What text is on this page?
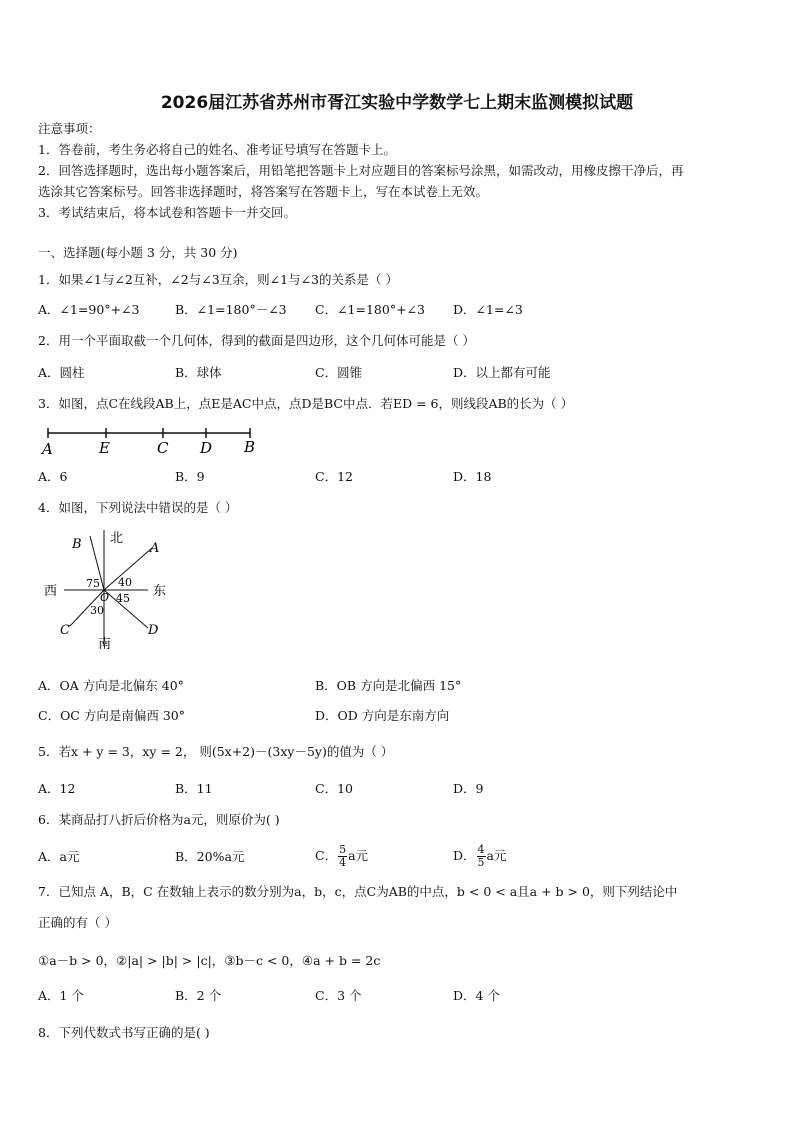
2026届江苏省苏州市胥江实验中学数学七上期末监测模拟试题
注意事项：
1．答卷前，考生务必将自己的姓名、准考证号填写在答题卡上。
2．回答选择题时，选出每小题答案后，用铅笔把答题卡上对应题目的答案标号涂黑，如需改动，用橡皮擦干净后，再
选涂其它答案标号。回答非选择题时，将答案写在答题卡上，写在本试卷上无效。
3．考试结束后，将本试卷和答题卡一并交回。
一、选择题(每小题 3 分，共 30 分)
1．如果∠1与∠2互补，∠2与∠3互余，则∠1与∠3的关系是（ ）
A．∠1=90°+∠3	B．∠1=180°－∠3 C．∠1=180°+∠3 D．∠1=∠3
2．用一个平面取截一个几何体，得到的截面是四边形，这个几何体可能是（ ）
A．圆柱	B．球体	C．圆锥	D．以上都有可能
3．如图，点C在线段AB上，点E是AC中点，点D是BC中点．若ED = 6，则线段AB的长为（ ）
A	E	C D B
A．6	B．9	C．12	D．18
4．如图，下列说法中错误的是（ ）
北
南
西	东
A
B
C	D
O
75 40
45
30
A．OA 方向是北偏东 40°	B．OB 方向是北偏西 15°
C．OC 方向是南偏西 30°	D．OD 方向是东南方向
5．若x + y = 3，xy = 2， 则(5x+2)－(3xy－5y)的值为（ ）
A．12	B．11	C．10	D．9
6．某商品打八折后价格为a元，则原价为( )
A．a元	B．20%a元	C． $\frac{5}{4}$ a元	D． $\frac{4}{5}$ a元
7．已知点 A，B，C 在数轴上表示的数分别为a，b，c，点C为AB的中点，b < 0 < a且a + b > 0，则下列结论中
正确的有（ ）
①a－b > 0，②|a| > |b| > |c|，③b－c < 0，④a + b = 2c
A．1 个	B．2 个	C．3 个	D．4 个
8．下列代数式书写正确的是( )
